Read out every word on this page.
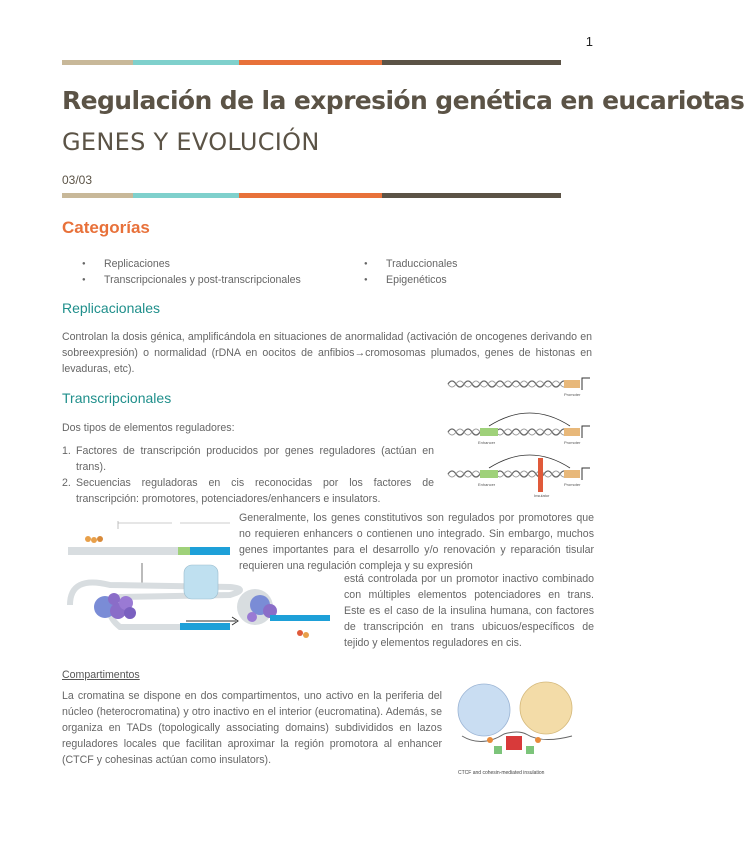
1
Regulación de la expresión genética en eucariotas
GENES Y EVOLUCIÓN
03/03
Categorías
● Replicaciones
● Transcripcionales y post-transcripcionales
● Traduccionales
● Epigenéticos
Replicacionales
Controlan la dosis génica, amplificándola en situaciones de anormalidad (activación de oncogenes derivando en sobreexpresión) o normalidad (rDNA en oocitos de anfibios→cromosomas plumados, genes de histonas en levaduras, etc).
Transcripcionales
Dos tipos de elementos reguladores:
1. Factores de transcripción producidos por genes reguladores (actúan en trans).
2. Secuencias reguladoras en cis reconocidas por los factores de transcripción: promotores, potenciadores/enhancers e insulators.
Promoter
Enhancer	Promoter
Enhancer
Insulator
Promoter
Generalmente, los genes constitutivos son regulados por promotores que no requieren enhancers o contienen uno integrado. Sin embargo, muchos genes importantes para el desarrollo y/o renovación y reparación tisular requieren una regulación compleja y su expresión
está controlada por un promotor inactivo combinado con múltiples elementos potenciadores en trans. Este es el caso de la insulina humana, con factores de transcripción en trans ubicuos/específicos de tejido y elementos reguladores en cis.
Compartimentos
La cromatina se dispone en dos compartimentos, uno activo en la periferia del núcleo (heterocromatina) y otro inactivo en el interior (eucromatina). Además, se organiza en TADs (topologically associating domains) subdivididos en lazos reguladores locales que facilitan aproximar la región promotora al enhancer (CTCF y cohesinas actúan como insulators).
CTCF and cohesin-mediated insulation
